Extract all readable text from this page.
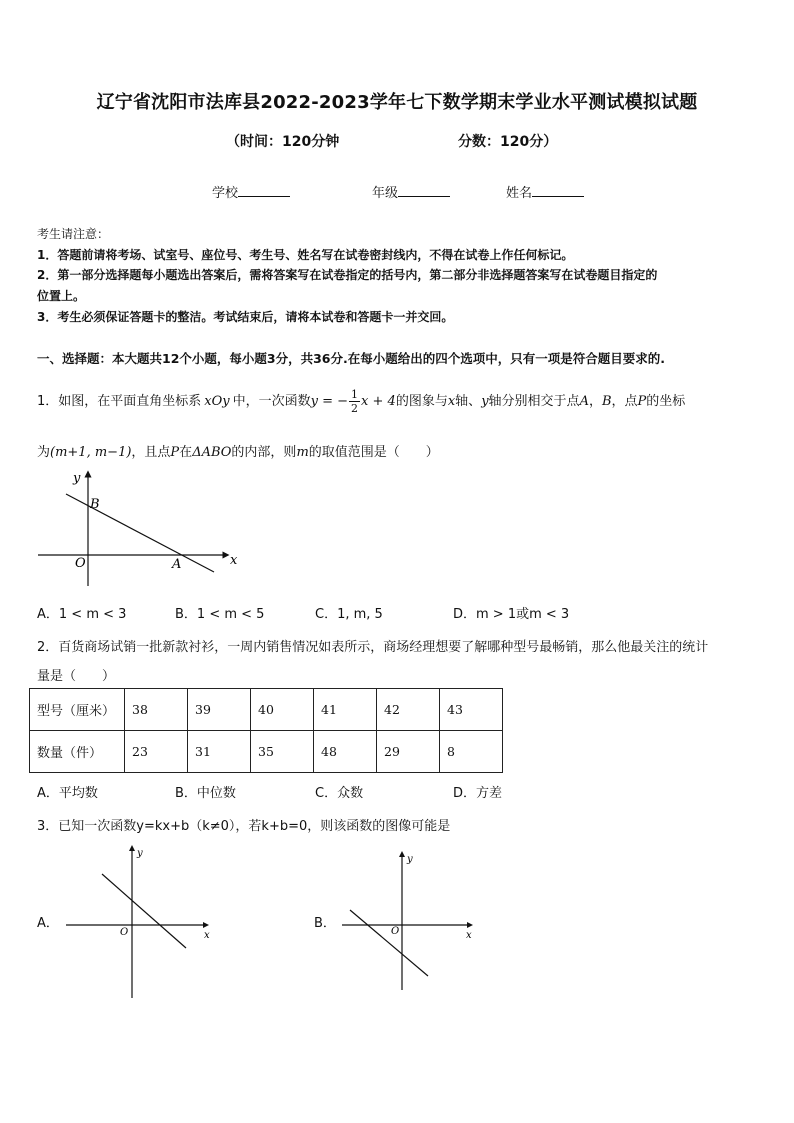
辽宁省沈阳市法库县2022-2023学年七下数学期末学业水平测试模拟试题
（时间：120分钟	分数：120分）
学校	年级	姓名
考生请注意：
1．答题前请将考场、试室号、座位号、考生号、姓名写在试卷密封线内，不得在试卷上作任何标记。
2．第一部分选择题每小题选出答案后，需将答案写在试卷指定的括号内，第二部分非选择题答案写在试卷题目指定的
位置上。
3．考生必须保证答题卡的整洁。考试结束后，请将本试卷和答题卡一并交回。
一、选择题：本大题共12个小题，每小题3分，共36分.在每小题给出的四个选项中，只有一项是符合题目要求的.
1．如图，在平面直角坐标系 xOy 中，一次函数y = − $\frac{1}{2}$ x + 4的图象与x轴、y轴分别相交于点A，B，点P的坐标
为(m+1, m−1)，且点P在ΔABO的内部，则m的取值范围是（　　）
x
y
O	A
B
A．1 < m < 3	B．1 < m < 5	C．1, m, 5	D．m > 1或m < 3
2．百货商场试销一批新款衬衫，一周内销售情况如表所示，商场经理想要了解哪种型号最畅销，那么他最关注的统计
量是（　　）
型号（厘米）	38	39	40	41	42	43
数量（件）	23	31	35	48	29	8
A．平均数	B．中位数	C．众数	D．方差
3．已知一次函数y=kx+b（k≠0），若k+b=0，则该函数的图像可能是
A．
x
y
O
B．
x
y
O
